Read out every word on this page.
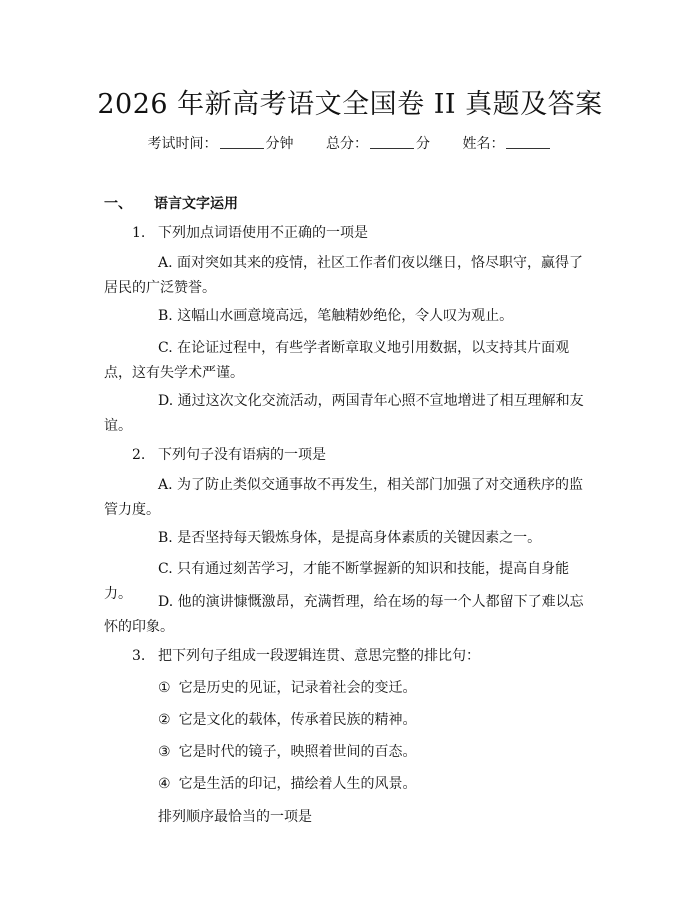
2026 年新高考语文全国卷 II 真题及答案
考试时间：	分钟 总分：	分 姓名：
一、 语言文字运用
1. 下列加点词语使用不正确的一项是
A. 面对突如其来的疫情，社区工作者们夜以继日，恪尽职守，赢得了居民的广泛赞誉。
B. 这幅山水画意境高远，笔触精妙绝伦，令人叹为观止。
C. 在论证过程中，有些学者断章取义地引用数据，以支持其片面观点，这有失学术严谨。
D. 通过这次文化交流活动，两国青年心照不宣地增进了相互理解和友谊。
2. 下列句子没有语病的一项是
A. 为了防止类似交通事故不再发生，相关部门加强了对交通秩序的监管力度。
B. 是否坚持每天锻炼身体，是提高身体素质的关键因素之一。
C. 只有通过刻苦学习，才能不断掌握新的知识和技能，提高自身能力。	D. 他的演讲慷慨激昂，充满哲理，给在场的每一个人都留下了难以忘怀的印象。
3. 把下列句子组成一段逻辑连贯、意思完整的排比句：
① 它是历史的见证，记录着社会的变迁。
② 它是文化的载体，传承着民族的精神。
③ 它是时代的镜子，映照着世间的百态。
④ 它是生活的印记，描绘着人生的风景。
排列顺序最恰当的一项是
